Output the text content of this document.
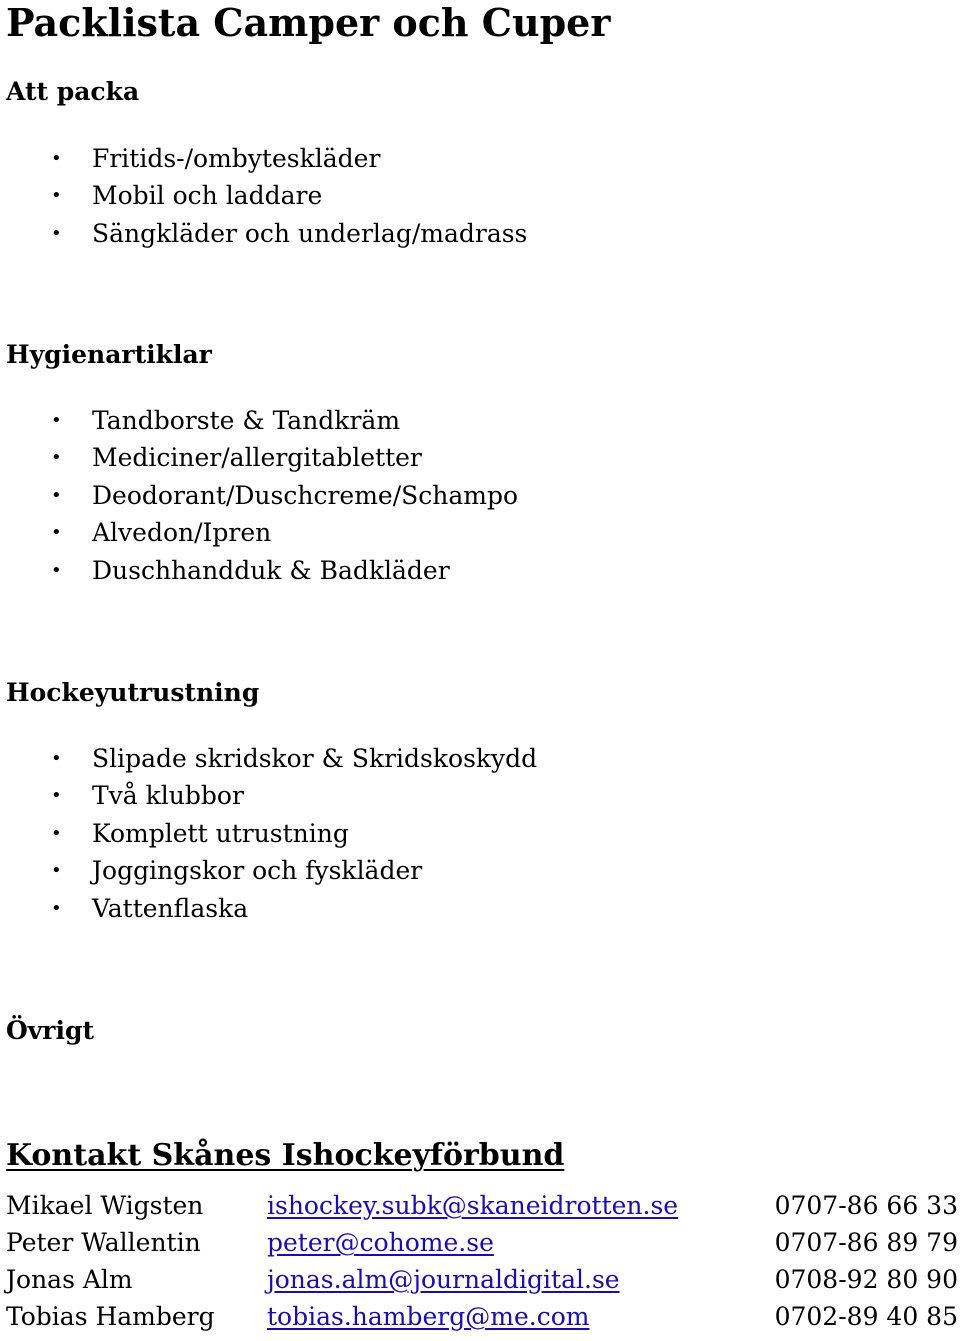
Packlista Camper och Cuper
Att packa
• Fritids-/ombyteskläder
• Mobil och laddare
• Sängkläder och underlag/madrass
Hygienartiklar
• Tandborste & Tandkräm
• Mediciner/allergitabletter
• Deodorant/Duschcreme/Schampo
• Alvedon/Ipren
• Duschhandduk & Badkläder
Hockeyutrustning
• Slipade skridskor & Skridskoskydd
• Två klubbor
• Komplett utrustning
• Joggingskor och fyskläder
• Vattenflaska
Övrigt
Kontakt Skånes Ishockeyförbund
Mikael Wigsten	ishockey.subk@skaneidrotten.se	0707-86 66 33
Peter Wallentin	peter@cohome.se	0707-86 89 79
Jonas Alm	jonas.alm@journaldigital.se	0708-92 80 90
Tobias Hamberg tobias.hamberg@me.com	0702-89 40 85
